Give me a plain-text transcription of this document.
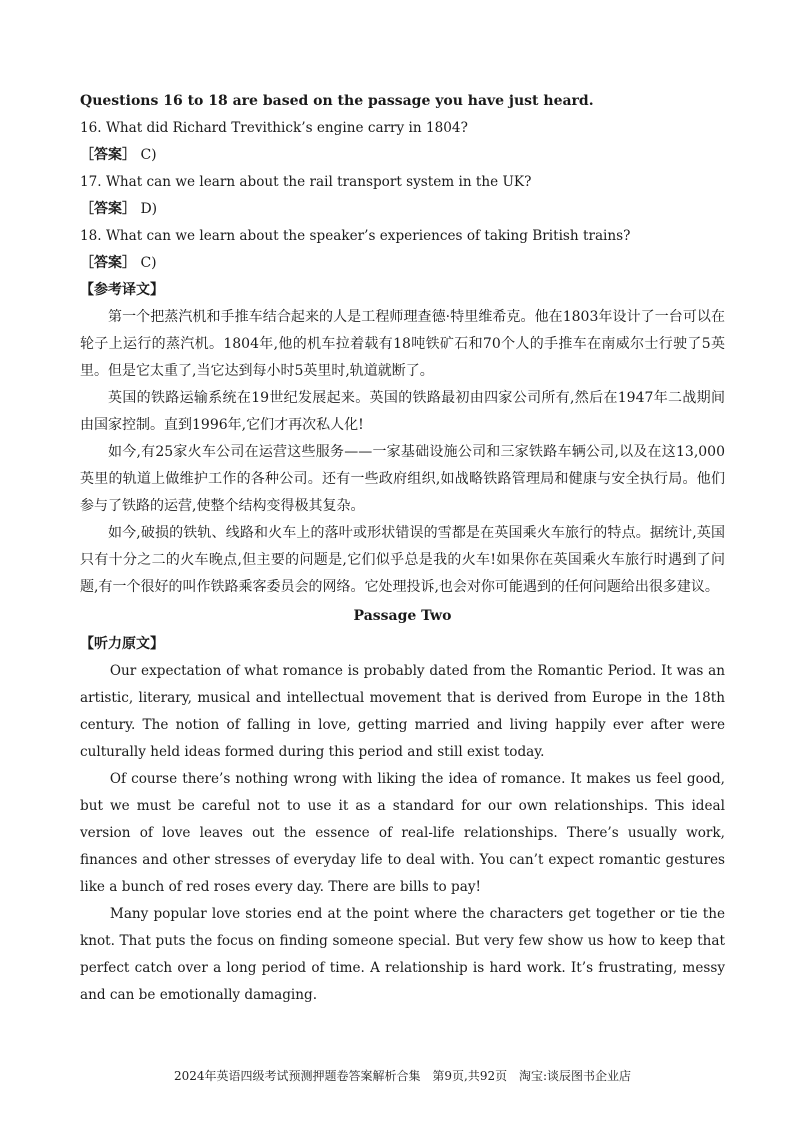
Questions 16 to 18 are based on the passage you have just heard.
16. What did Richard Trevithick’s engine carry in 1804?
［答案］ C)
17. What can we learn about the rail transport system in the UK?
［答案］ D)
18. What can we learn about the speaker’s experiences of taking British trains?
［答案］ C)
【参考译文】

第一个把蒸汽机和手推车结合起来的人是工程师理查德·特里维希克。他在1803年设计了一台可以在轮子上运行的蒸汽机。1804年,他的机车拉着载有18吨铁矿石和70个人的手推车在南威尔士行驶了5英里。但是它太重了,当它达到每小时5英里时,轨道就断了。

英国的铁路运输系统在19世纪发展起来。英国的铁路最初由四家公司所有,然后在1947年二战期间由国家控制。直到1996年,它们才再次私人化!

如今,有25家火车公司在运营这些服务——一家基础设施公司和三家铁路车辆公司,以及在这13,000英里的轨道上做维护工作的各种公司。还有一些政府组织,如战略铁路管理局和健康与安全执行局。他们参与了铁路的运营,使整个结构变得极其复杂。

如今,破损的铁轨、线路和火车上的落叶或形状错误的雪都是在英国乘火车旅行的特点。据统计,英国只有十分之二的火车晚点,但主要的问题是,它们似乎总是我的火车!如果你在英国乘火车旅行时遇到了问题,有一个很好的叫作铁路乘客委员会的网络。它处理投诉,也会对你可能遇到的任何问题给出很多建议。

Passage Two
【听力原文】

Our expectation of what romance is probably dated from the Romantic Period. It was an artistic, literary, musical and intellectual movement that is derived from Europe in the 18th century. The notion of falling in love, getting married and living happily ever after were culturally held ideas formed during this period and still exist today.

Of course there’s nothing wrong with liking the idea of romance. It makes us feel good, but we must be careful not to use it as a standard for our own relationships. This ideal version of love leaves out the essence of real-life relationships. There’s usually work, finances and other stresses of everyday life to deal with. You can’t expect romantic gestures like a bunch of red roses every day. There are bills to pay!

Many popular love stories end at the point where the characters get together or tie the knot. That puts the focus on finding someone special. But very few show us how to keep that perfect catch over a long period of time. A relationship is hard work. It’s frustrating, messy and can be emotionally damaging.

2024年英语四级考试预测押题卷答案解析合集 第9页,共92页 淘宝:谈辰图书企业店
